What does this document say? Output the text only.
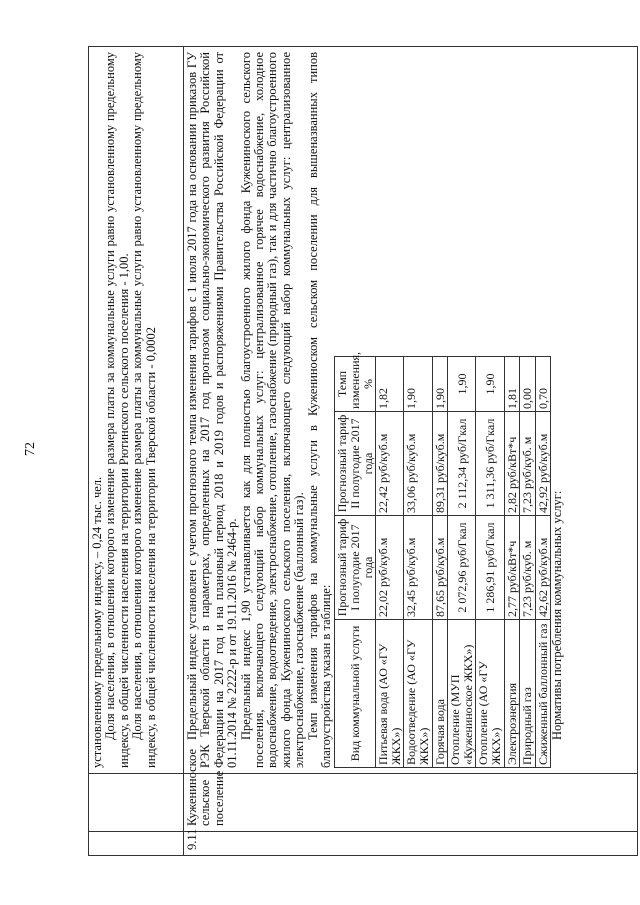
72

установленному предельному индексу, – 0,24 тыс. чел. Доля населения, в отношении которого изменение размера платы за коммунальные услуги равно установленному предельному индексу, в общей численности населения на территории Рютинского сельского поселения - 1,00. Доля населения, в отношении которого изменение размера платы за коммунальные услуги равно установленному предельному индексу, в общей численности населения на территории Тверской области - 0,0002

9.11	Кужениноское сельское поселение	

Предельный индекс установлен с учетом прогнозного темпа изменения тарифов с 1 июля 2017 года на основании приказов ГУ РЭК Тверской области в параметрах, определенных на 2017 год прогнозом социально-экономического развития Российской Федерации на 2017 год и на плановый период 2018 и 2019 годов и распоряжениями Правительства Российской Федерации от 01.11.2014 № 2222-р и от 19.11.2016 № 2464-р. Предельный индекс 1,90 устанавливается как для полностью благоустроенного жилого фонда Кужениноского сельского поселения, включающего следующий набор коммунальных услуг: централизованное горячее водоснабжение, холодное водоснабжение, водоотведение, электроснабжение, отопление, газоснабжение (природный газ), так и для частично благоустроенного жилого фонда Кужениноского сельского поселения, включающего следующий набор коммунальных услуг: централизованное электроснабжение, газоснабжение (баллонный газ). Темп изменения тарифов на коммунальные услуги в Кужениноском сельском поселении для вышеназванных типов благоустройства указан в таблице: Вид коммунальной услуги	Прогнозный тариф I полугодие 2017 года	Прогнозный тариф II полугодие 2017 года	Темп изменения, %
Питьевая вода (АО «ГУ ЖКХ»)	22,02 руб/куб.м	22,42 руб/куб.м	1,82
Водоотведение (АО «ГУ ЖКХ»)	32,45 руб/куб.м	33,06 руб/куб.м	1,90
Горячая вода	87,65 руб/куб.м	89,31 руб/куб.м	1,90
Отопление (МУП «Кужениноское ЖКХ»)	2 072,96 руб/Гкал	2 112,34 руб/Гкал	1,90
Отопление (АО «ГУ ЖКХ»)	1 286,91 руб/Гкал	1 311,36 руб/Гкал	1,90
Электроэнергия	2,77 руб/кВт*ч	2,82 руб/кВт*ч	1,81
Природный газ	7,23 руб/куб. м	7,23 руб/куб. м	0,00
Сжиженный баллонный газ	42,62 руб/куб.м	42,92 руб/куб.м	0,70

Нормативы потребления коммунальных услуг:
